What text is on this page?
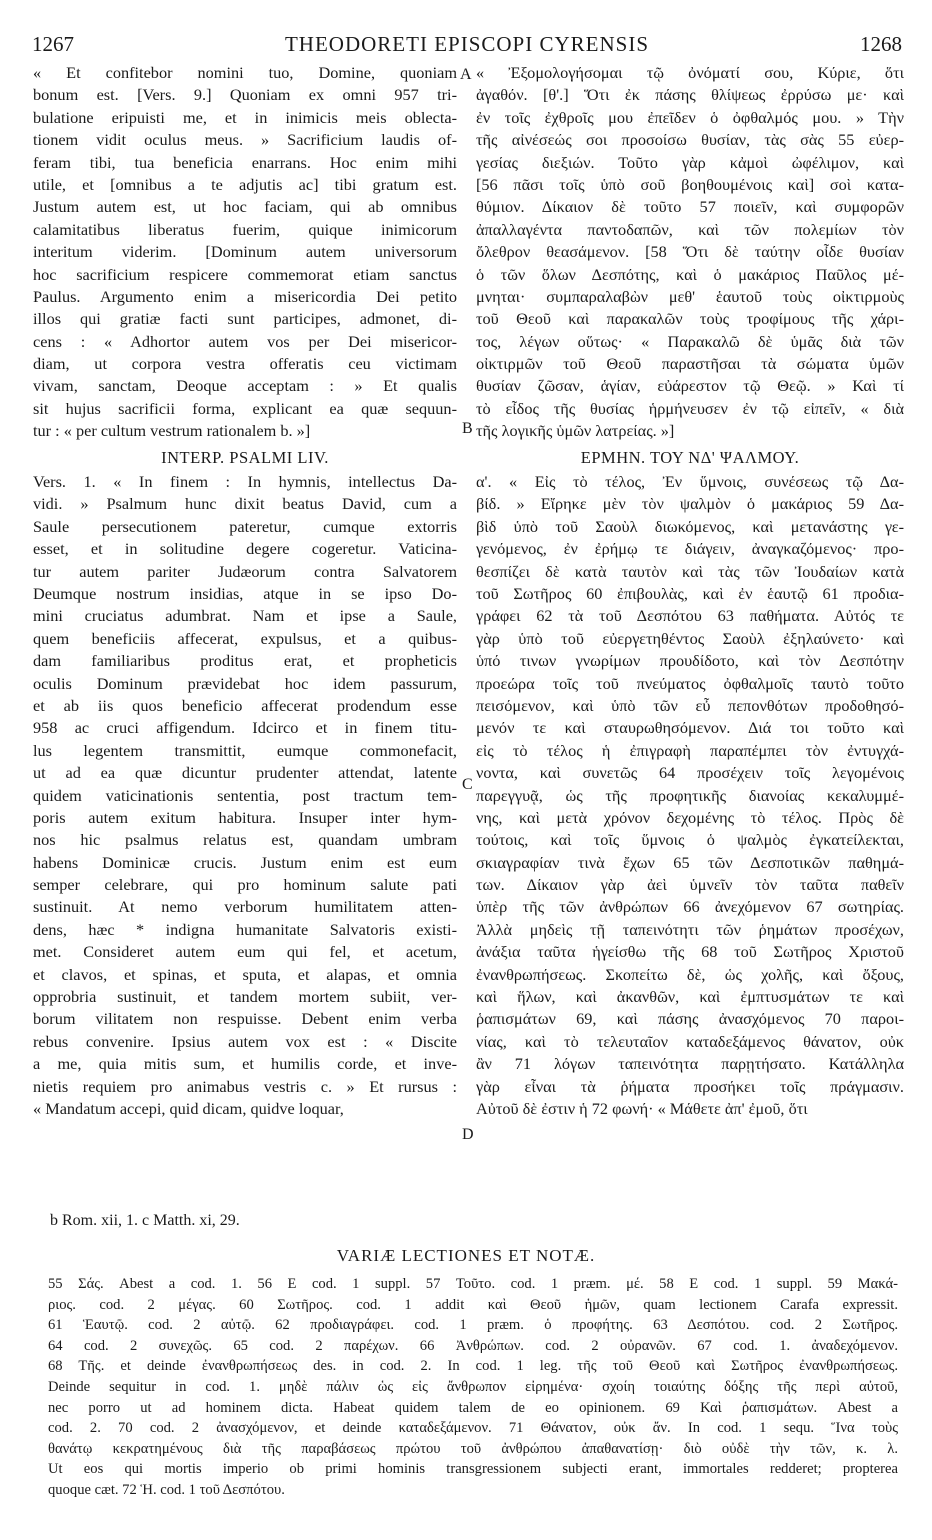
1267	THEODORETI EPISCOPI CYRENSIS	1268
« Et confitebor nomini tuo, Domine, quoniam
bonum est. [Vers. 9.] Quoniam ex omni 957 tri-
bulatione eripuisti me, et in inimicis meis oblecta-
tionem vidit oculus meus. » Sacrificium laudis of-
feram tibi, tua beneficia enarrans. Hoc enim mihi
utile, et [omnibus a te adjutis ac] tibi gratum est.
Justum autem est, ut hoc faciam, qui ab omnibus
calamitatibus liberatus fuerim, quique inimicorum
interitum viderim. [Dominum autem universorum
hoc sacrificium respicere commemorat etiam sanctus
Paulus. Argumento enim a misericordia Dei petito
illos qui gratiæ facti sunt participes, admonet, di-
cens : « Adhortor autem vos per Dei misericor-
diam, ut corpora vestra offeratis ceu victimam
vivam, sanctam, Deoque acceptam : » Et qualis
sit hujus sacrificii forma, explicant ea quæ sequun-
tur : « per cultum vestrum rationalem b. »]
INTERP. PSALMI LIV.
Vers. 1. « In finem : In hymnis, intellectus Da-
vidi. » Psalmum hunc dixit beatus David, cum a
Saule persecutionem pateretur, cumque extorris
esset, et in solitudine degere cogeretur. Vaticina-
tur autem pariter Judæorum contra Salvatorem
Deumque nostrum insidias, atque in se ipso Do-
mini cruciatus adumbrat. Nam et ipse a Saule,
quem beneficiis affecerat, expulsus, et a quibus-
dam familiaribus proditus erat, et propheticis
oculis Dominum prævidebat hoc idem passurum,
et ab iis quos beneficio affecerat prodendum esse
958 ac cruci affigendum. Idcirco et in finem titu-
lus legentem transmittit, eumque commonefacit,
ut ad ea quæ dicuntur prudenter attendat, latente
quidem vaticinationis sententia, post tractum tem-
poris autem exitum habitura. Insuper inter hym-
nos hic psalmus relatus est, quandam umbram
habens Dominicæ crucis. Justum enim est eum
semper celebrare, qui pro hominum salute pati
sustinuit. At nemo verborum humilitatem atten-
dens, hæc * indigna humanitate Salvatoris existi-
met. Consideret autem eum qui fel, et acetum,
et clavos, et spinas, et sputa, et alapas, et omnia
opprobria sustinuit, et tandem mortem subiit, ver-
borum vilitatem non respuisse. Debent enim verba
rebus convenire. Ipsius autem vox est : « Discite
a me, quia mitis sum, et humilis corde, et inve-
nietis requiem pro animabus vestris c. » Et rursus :
« Mandatum accepi, quid dicam, quidve loquar,
« Ἐξομολογήσομαι τῷ ὀνόματί σου, Κύριε, ὅτι
ἀγαθόν. [θ'.] Ὅτι ἐκ πάσης θλίψεως ἐρρύσω με· καὶ
ἐν τοῖς ἐχθροῖς μου ἐπεῖδεν ὁ ὀφθαλμός μου. » Τὴν
τῆς αἰνέσεώς σοι προσοίσω θυσίαν, τὰς σὰς 55 εὐερ-
γεσίας διεξιών. Τοῦτο γὰρ κἀμοὶ ὠφέλιμον, καὶ
[56 πᾶσι τοῖς ὑπὸ σοῦ βοηθουμένοις καὶ] σοὶ κατα-
θύμιον. Δίκαιον δὲ τοῦτο 57 ποιεῖν, καὶ συμφορῶν
ἀπαλλαγέντα παντοδαπῶν, καὶ τῶν πολεμίων τὸν
ὄλεθρον θεασάμενον. [58 Ὅτι δὲ ταύτην οἶδε θυσίαν
ὁ τῶν ὅλων Δεσπότης, καὶ ὁ μακάριος Παῦλος μέ-
μνηται· συμπαραλαβὼν μεθ' ἑαυτοῦ τοὺς οἰκτιρμοὺς
τοῦ Θεοῦ καὶ παρακαλῶν τοὺς τροφίμους τῆς χάρι-
τος, λέγων οὕτως· « Παρακαλῶ δὲ ὑμᾶς διὰ τῶν
οἰκτιρμῶν τοῦ Θεοῦ παραστῆσαι τὰ σώματα ὑμῶν
θυσίαν ζῶσαν, ἁγίαν, εὐάρεστον τῷ Θεῷ. » Καὶ τί
τὸ εἶδος τῆς θυσίας ἡρμήνευσεν ἐν τῷ εἰπεῖν, « διὰ
τῆς λογικῆς ὑμῶν λατρείας. »]
ΕΡΜΗΝ. ΤΟΥ ΝΔ' ΨΑΛΜΟΥ.
α'. « Εἰς τὸ τέλος, Ἐν ὕμνοις, συνέσεως τῷ Δα-
βίδ. » Εἴρηκε μὲν τὸν ψαλμὸν ὁ μακάριος 59 Δα-
βὶδ ὑπὸ τοῦ Σαοὺλ διωκόμενος, καὶ μετανάστης γε-
γενόμενος, ἐν ἐρήμῳ τε διάγειν, ἀναγκαζόμενος· προ-
θεσπίζει δὲ κατὰ ταυτὸν καὶ τὰς τῶν Ἰουδαίων κατὰ
τοῦ Σωτῆρος 60 ἐπιβουλὰς, καὶ ἐν ἑαυτῷ 61 προδια-
γράφει 62 τὰ τοῦ Δεσπότου 63 παθήματα. Αὐτός τε
γὰρ ὑπὸ τοῦ εὐεργετηθέντος Σαοὺλ ἐξηλαύνετο· καὶ
ὑπό τινων γνωρίμων προυδίδοτο, καὶ τὸν Δεσπότην
προεώρα τοῖς τοῦ πνεύματος ὀφθαλμοῖς ταυτὸ τοῦτο
πεισόμενον, καὶ ὑπὸ τῶν εὖ πεπονθότων προδοθησό-
μενόν τε καὶ σταυρωθησόμενον. Διά τοι τοῦτο καὶ
εἰς τὸ τέλος ἡ ἐπιγραφὴ παραπέμπει τὸν ἐντυγχά-
νοντα, καὶ συνετῶς 64 προσέχειν τοῖς λεγομένοις
παρεγγυᾷ, ὡς τῆς προφητικῆς διανοίας κεκαλυμμέ-
νης, καὶ μετὰ χρόνον δεχομένης τὸ τέλος. Πρὸς δὲ
τούτοις, καὶ τοῖς ὕμνοις ὁ ψαλμὸς ἐγκατείλεκται,
σκιαγραφίαν τινὰ ἔχων 65 τῶν Δεσποτικῶν παθημά-
των. Δίκαιον γὰρ ἀεὶ ὑμνεῖν τὸν ταῦτα παθεῖν
ὑπὲρ τῆς τῶν ἀνθρώπων 66 ἀνεχόμενον 67 σωτηρίας.
Ἀλλὰ μηδεὶς τῇ ταπεινότητι τῶν ῥημάτων προσέχων,
ἀνάξια ταῦτα ἡγείσθω τῆς 68 τοῦ Σωτῆρος Χριστοῦ
ἐνανθρωπήσεως. Σκοπείτω δὲ, ὡς χολῆς, καὶ ὄξους,
καὶ ἥλων, καὶ ἀκανθῶν, καὶ ἐμπτυσμάτων τε καὶ
ῥαπισμάτων 69, καὶ πάσης ἀνασχόμενος 70 παροι-
νίας, καὶ τὸ τελευταῖον καταδεξάμενος θάνατον, οὐκ
ἂν 71 λόγων ταπεινότητα παρῃτήσατο. Κατάλληλα
γὰρ εἶναι τὰ ῥήματα προσήκει τοῖς πράγμασιν.
Αὐτοῦ δὲ ἐστιν ἡ 72 φωνή· « Μάθετε ἀπ' ἐμοῦ, ὅτι
A
B
C
D
b Rom. xii, 1. c Matth. xi, 29.
VARIÆ LECTIONES ET NOTÆ.
55 Σάς. Abest a cod. 1. 56 E cod. 1 suppl. 57 Τοῦτο. cod. 1 præm. μέ. 58 E cod. 1 suppl. 59 Μακά-
ριος. cod. 2 μέγας. 60 Σωτῆρος. cod. 1 addit καὶ Θεοῦ ἡμῶν, quam lectionem Carafa expressit.
61 Ἑαυτῷ. cod. 2 αὐτῷ. 62 προδιαγράφει. cod. 1 præm. ὁ προφήτης. 63 Δεσπότου. cod. 2 Σωτῆρος.
64 cod. 2 συνεχῶς. 65 cod. 2 παρέχων. 66 Ἀνθρώπων. cod. 2 οὐρανῶν. 67 cod. 1. ἀναδεχόμενον.
68 Τῆς. et deinde ἐνανθρωπήσεως des. in cod. 2. In cod. 1 leg. τῆς τοῦ Θεοῦ καὶ Σωτῆρος ἐνανθρωπήσεως.
Deinde sequitur in cod. 1. μηδὲ πάλιν ὡς εἰς ἄνθρωπον εἰρημένα· σχοίη τοιαύτης δόξης τῆς περὶ αὐτοῦ,
nec porro ut ad hominem dicta. Habeat quidem talem de eo opinionem. 69 Καὶ ῥαπισμάτων. Abest a
cod. 2. 70 cod. 2 ἀνασχόμενον, et deinde καταδεξάμενον. 71 Θάνατον, οὐκ ἄν. In cod. 1 sequ. Ἵνα τοὺς
θανάτῳ κεκρατημένους διὰ τῆς παραβάσεως πρώτου τοῦ ἀνθρώπου ἀπαθανατίσῃ· διὸ οὐδὲ τὴν τῶν, κ. λ.
Ut eos qui mortis imperio ob primi hominis transgressionem subjecti erant, immortales redderet; propterea
quoque cæt. 72 Ἡ. cod. 1 τοῦ Δεσπότου.
